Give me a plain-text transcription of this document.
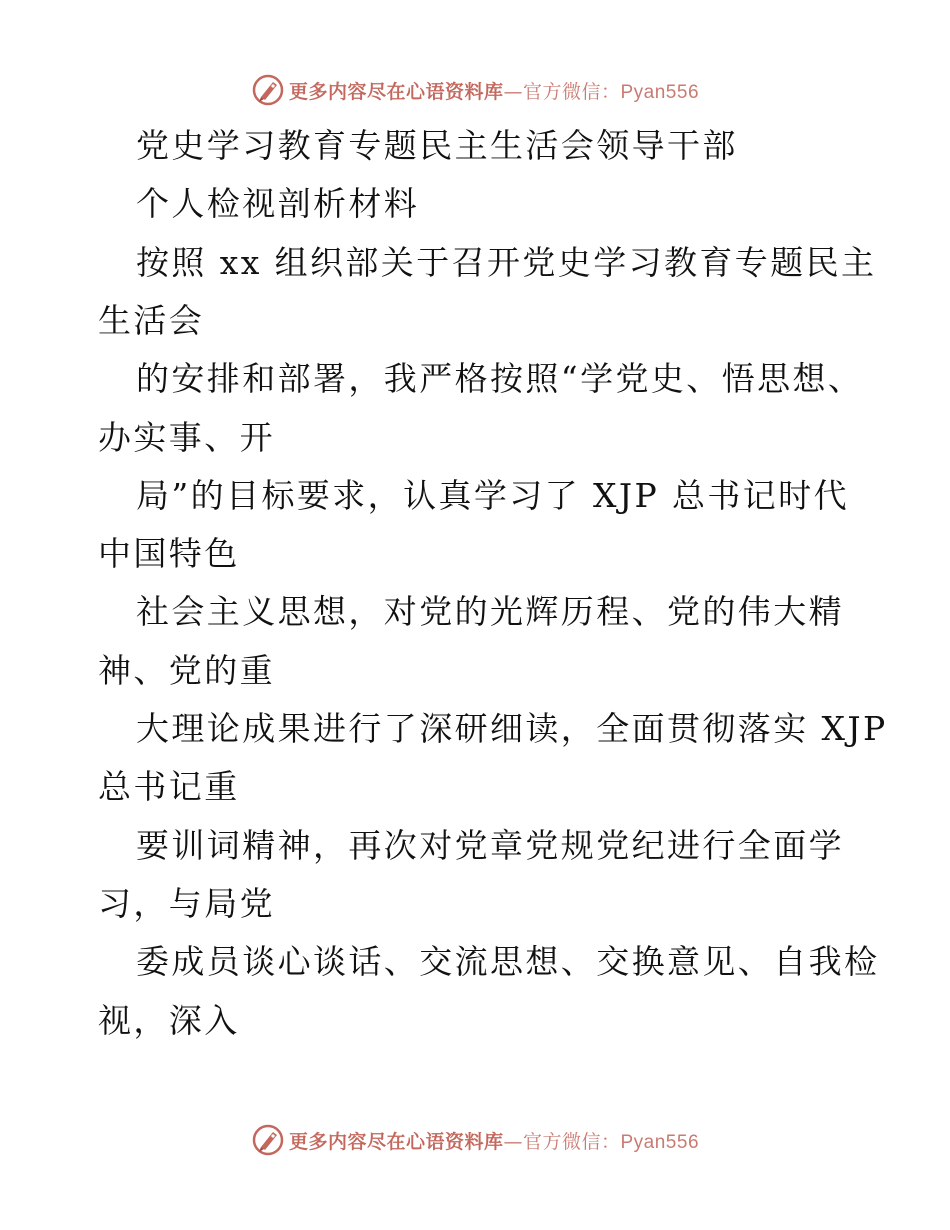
更多内容尽在心语资料库—官方微信：Pyan556
党史学习教育专题民主生活会领导干部
个人检视剖析材料
按照 xx 组织部关于召开党史学习教育专题民主
生活会
的安排和部署，我严格按照“学党史、悟思想、
办实事、开
局”的目标要求，认真学习了 XJP 总书记时代
中国特色
社会主义思想，对党的光辉历程、党的伟大精
神、党的重
大理论成果进行了深研细读，全面贯彻落实 XJP
总书记重
要训词精神，再次对党章党规党纪进行全面学
习，与局党
委成员谈心谈话、交流思想、交换意见、自我检
视，深入
更多内容尽在心语资料库—官方微信：Pyan556
